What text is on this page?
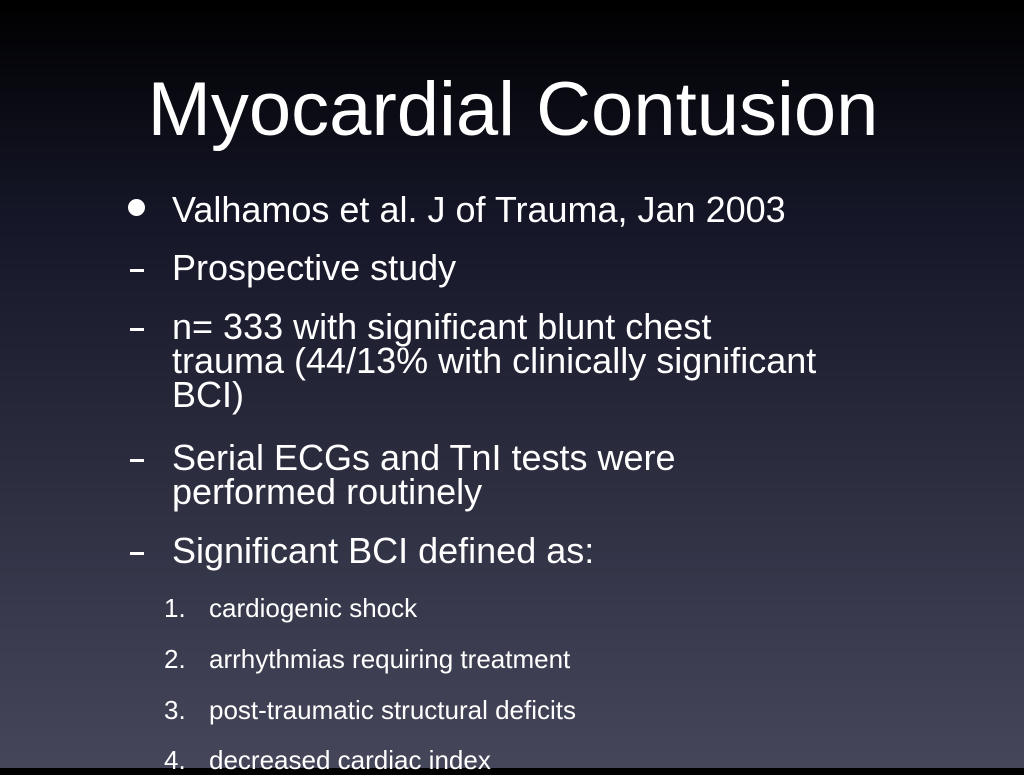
Myocardial Contusion
Valhamos et al. J of Trauma, Jan 2003
Prospective study
n= 333 with significant blunt chest trauma (44/13% with clinically significant BCI)
Serial ECGs and TnI tests were performed routinely
Significant BCI defined as:
1. cardiogenic shock
2. arrhythmias requiring treatment
3. post-traumatic structural deficits
4. decreased cardiac index
